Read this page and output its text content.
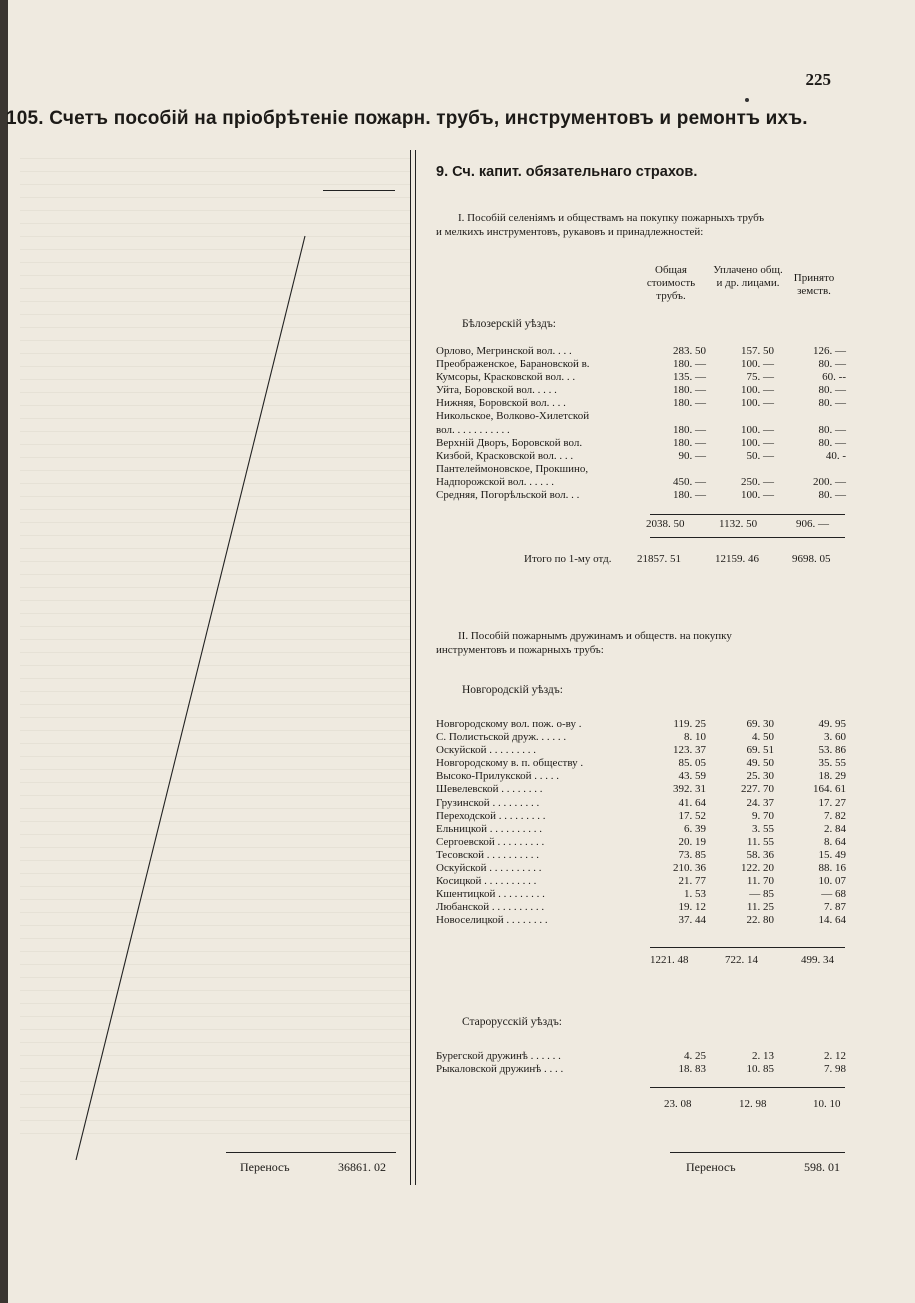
225
105. Счетъ пособій на пріобрѣтеніе пожарн. трубъ, инструментовъ и ремонтъ ихъ.
Переносъ	36861. 02
9. Сч. капит. обязательнаго страхов.
I. Пособій селеніямъ и обществамъ на покупку пожарныхъ трубъ и мелкихъ инструментовъ, рукавовъ и принадлежностей:
Общая стоимость трубъ.
Уплачено общ. и др. лицами.	Принято земств.
Бѣлозерскій уѣздъ:
Орлово, Мегринской вол. . . .	283. 50	157. 50	126. —
Преображенское, Барановской в.	180. —	100. —	80. —
Кумсоры, Красковской вол. . .	135. —	75. —	60. --
Уйта, Боровской вол. . . . .	180. —	100. —	80. —
Нижняя, Боровской вол. . . .	180. —	100. —	80. —
Никольское, Волково-Хилетской			
вол. . . . . . . . . . .	180. —	100. —	80. —
Верхній Дворъ, Боровской вол.	180. —	100. —	80. —
Кизбой, Красковской вол. . . .	90. —	50. —	40. -
Пантелеймоновское, Прокшино,			
Надпорожской вол. . . . . .	450. —	250. —	200. —
Средняя, Погорѣльской вол. . .	180. —	100. —	80. —
2038. 50	1132. 50	906. —
Итого по 1-му отд. 21857. 51	12159. 46	9698. 05
II. Пособій пожарнымъ дружинамъ и обществ. на покупку инструментовъ и пожарныхъ трубъ:
Новгородскій уѣздъ:
Новгородскому вол. пож. о-ву .	119. 25	69. 30	49. 95
С. Полистьской друж. . . . . .	8. 10	4. 50	3. 60
Оскуйской . . . . . . . . .	123. 37	69. 51	53. 86
Новгородскому в. п. обществу .	85. 05	49. 50	35. 55
Высоко-Прилукской . . . . .	43. 59	25. 30	18. 29
Шевелевской . . . . . . . .	392. 31	227. 70	164. 61
Грузинской . . . . . . . . .	41. 64	24. 37	17. 27
Переходской . . . . . . . . .	17. 52	9. 70	7. 82
Ельницкой . . . . . . . . . .	6. 39	3. 55	2. 84
Сергоевской . . . . . . . . .	20. 19	11. 55	8. 64
Тесовской . . . . . . . . . .	73. 85	58. 36	15. 49
Оскуйской . . . . . . . . . .	210. 36	122. 20	88. 16
Косицкой . . . . . . . . . .	21. 77	11. 70	10. 07
Кшентицкой . . . . . . . . .	1. 53	— 85	— 68
Любанской . . . . . . . . . .	19. 12	11. 25	7. 87
Новоселицкой . . . . . . . .	37. 44	22. 80	14. 64
1221. 48	722. 14	499. 34
Старорусскій уѣздъ:
Бурегской дружинѣ . . . . . .	4. 25	2. 13	2. 12
Рыкаловской дружинѣ . . . .	18. 83	10. 85	7. 98
23. 08	12. 98	10. 10
Переносъ	598. 01
